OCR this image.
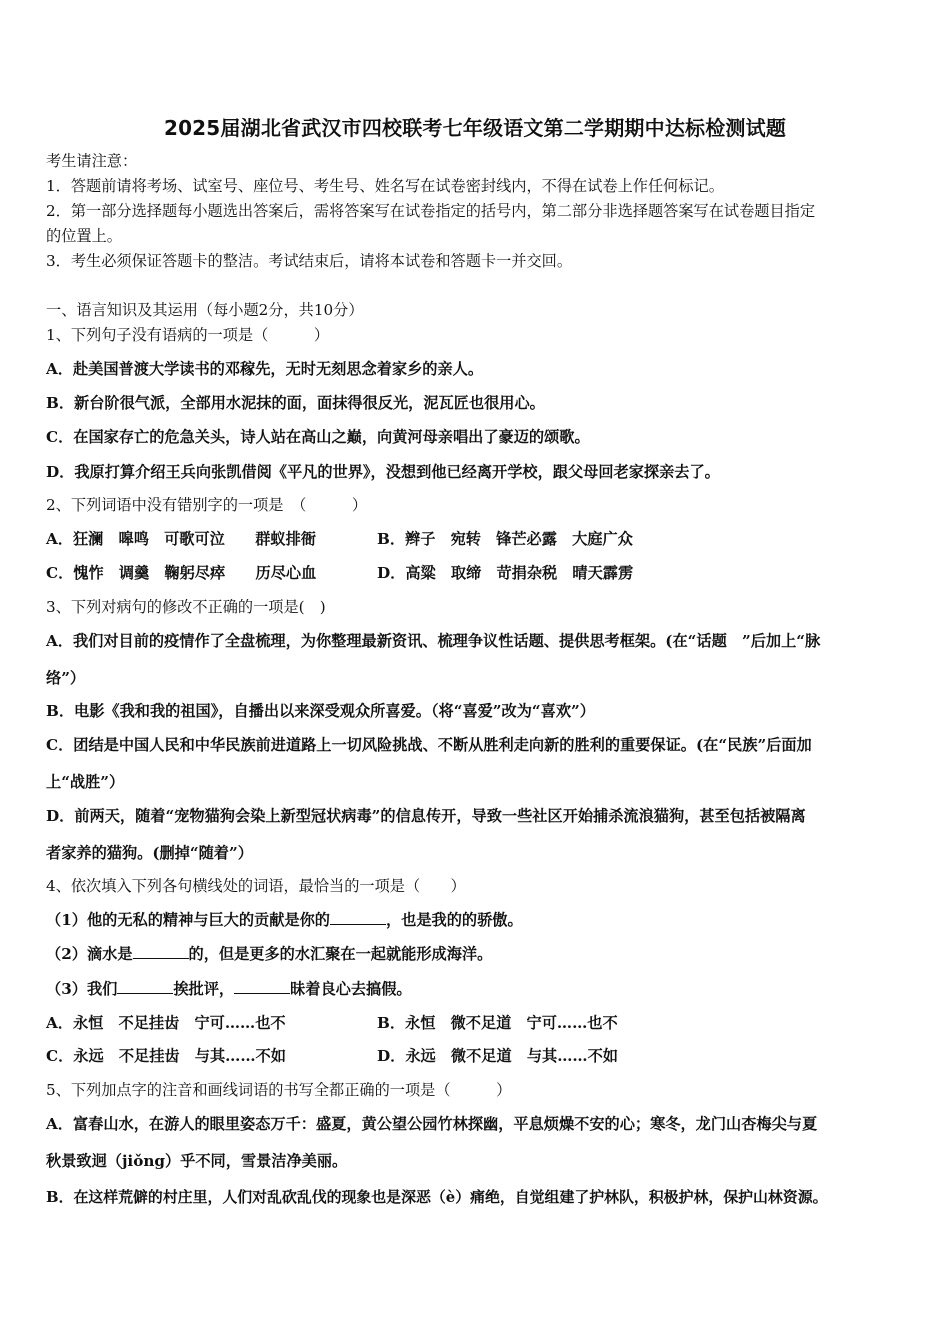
2025届湖北省武汉市四校联考七年级语文第二学期期中达标检测试题
考生请注意：
1．答题前请将考场、试室号、座位号、考生号、姓名写在试卷密封线内，不得在试卷上作任何标记。
2．第一部分选择题每小题选出答案后，需将答案写在试卷指定的括号内，第二部分非选择题答案写在试卷题目指定
的位置上。
3．考生必须保证答题卡的整洁。考试结束后，请将本试卷和答题卡一并交回。
一、语言知识及其运用（每小题2分，共10分）
1、下列句子没有语病的一项是（　　　）
A．赴美国普渡大学读书的邓稼先，无时无刻思念着家乡的亲人。
B．新台阶很气派，全部用水泥抹的面，面抹得很反光，泥瓦匠也很用心。
C．在国家存亡的危急关头，诗人站在高山之巅，向黄河母亲唱出了豪迈的颂歌。
D．我原打算介绍王兵向张凯借阅《平凡的世界》，没想到他已经离开学校，跟父母回老家探亲去了。
2、下列词语中没有错别字的一项是　（　　　）
A．狂澜　嗥鸣　可歌可泣　　群蚁排衙	B．辫子　宛转　锋芒必露　大庭广众
C．愧怍　调羹　鞠躬尽瘁　　历尽心血	D．高粱　取缔　苛捐杂税　晴天霹雳
3、下列对病句的修改不正确的一项是(　)
A．我们对目前的疫情作了全盘梳理，为你整理最新资讯、梳理争议性话题、提供思考框架。(在“话题　”后加上“脉
络”）
B．电影《我和我的祖国》，自播出以来深受观众所喜爱。（将“喜爱”改为“喜欢”）
C．团结是中国人民和中华民族前进道路上一切风险挑战、不断从胜利走向新的胜利的重要保证。(在“民族”后面加
上“战胜”）
D．前两天，随着“宠物猫狗会染上新型冠状病毒”的信息传开，导致一些社区开始捕杀流浪猫狗，甚至包括被隔离
者家养的猫狗。(删掉“随着”）
4、依次填入下列各句横线处的词语，最恰当的一项是（　　）
（1）他的无私的精神与巨大的贡献是你的	，也是我的的骄傲。
（2）滴水是	的，但是更多的水汇聚在一起就能形成海洋。
（3）我们	挨批评，	昧着良心去搞假。
A．永恒　不足挂齿　宁可……也不	B．永恒　微不足道　宁可……也不
C．永远　不足挂齿　与其……不如	D．永远　微不足道　与其……不如
5、下列加点字的注音和画线词语的书写全都正确的一项是（　　　）
A．富春山水，在游人的眼里姿态万千：盛夏，黄公望公园竹林探幽，平息烦燥不安的心；寒冬，龙门山杏梅尖与夏
秋景致迥（jiǒng）乎不同，雪景洁净美丽。
B．在这样荒僻的村庄里，人们对乱砍乱伐的现象也是深恶（è）痛绝，自觉组建了护林队，积极护林，保护山林资源。
